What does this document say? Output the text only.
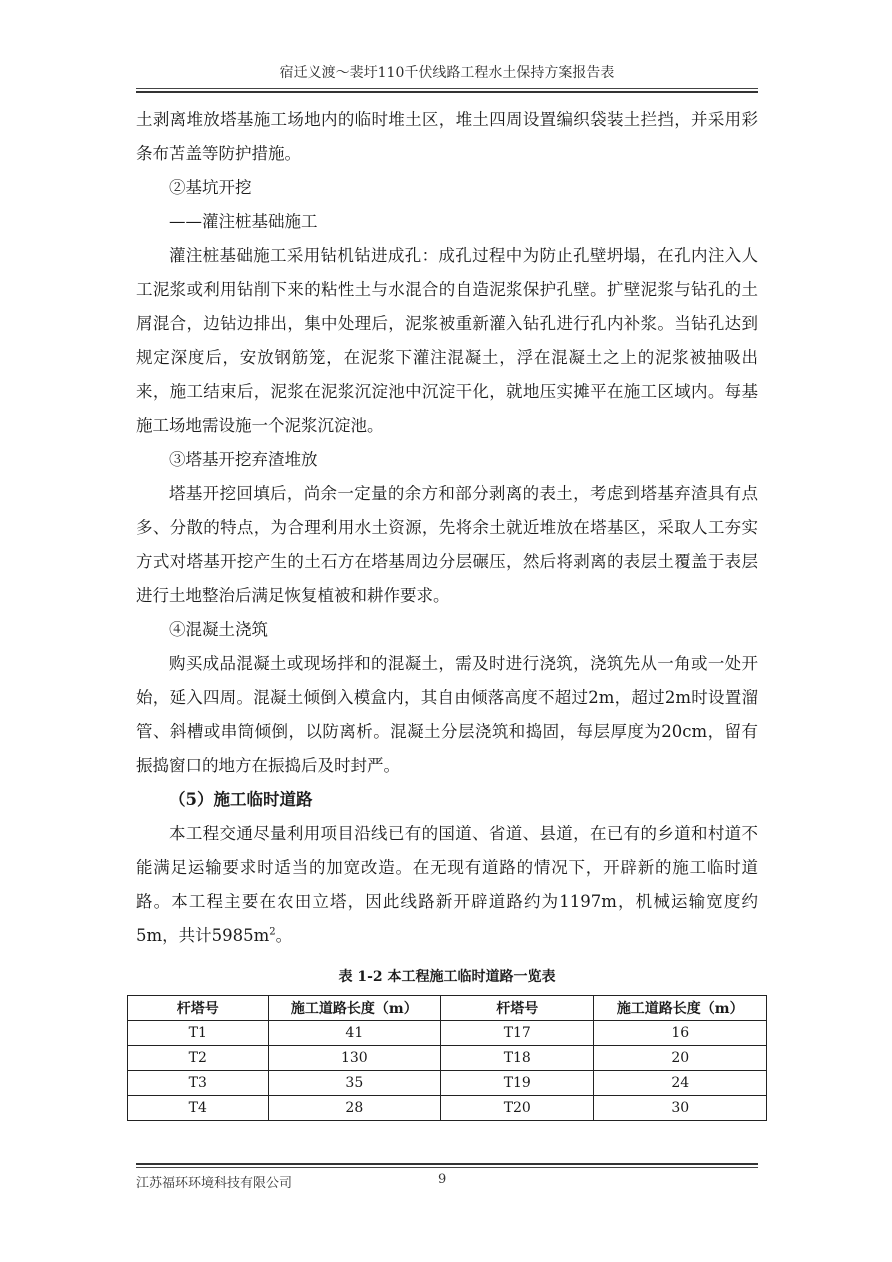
宿迁义渡～裴圩110千伏线路工程水土保持方案报告表

土剥离堆放塔基施工场地内的临时堆土区，堆土四周设置编织袋装土拦挡，并采用彩条布苫盖等防护措施。

②基坑开挖

——灌注桩基础施工

灌注桩基础施工采用钻机钻进成孔：成孔过程中为防止孔壁坍塌，在孔内注入人工泥浆或利用钻削下来的粘性土与水混合的自造泥浆保护孔壁。扩壁泥浆与钻孔的土屑混合，边钻边排出，集中处理后，泥浆被重新灌入钻孔进行孔内补浆。当钻孔达到规定深度后，安放钢筋笼，在泥浆下灌注混凝土，浮在混凝土之上的泥浆被抽吸出来，施工结束后，泥浆在泥浆沉淀池中沉淀干化，就地压实摊平在施工区域内。每基施工场地需设施一个泥浆沉淀池。

③塔基开挖弃渣堆放

塔基开挖回填后，尚余一定量的余方和部分剥离的表土，考虑到塔基弃渣具有点多、分散的特点，为合理利用水土资源，先将余土就近堆放在塔基区，采取人工夯实方式对塔基开挖产生的土石方在塔基周边分层碾压，然后将剥离的表层土覆盖于表层进行土地整治后满足恢复植被和耕作要求。

④混凝土浇筑

购买成品混凝土或现场拌和的混凝土，需及时进行浇筑，浇筑先从一角或一处开始，延入四周。混凝土倾倒入模盒内，其自由倾落高度不超过2m，超过2m时设置溜管、斜槽或串筒倾倒，以防离析。混凝土分层浇筑和捣固，每层厚度为20cm，留有振捣窗口的地方在振捣后及时封严。

（5）施工临时道路

本工程交通尽量利用项目沿线已有的国道、省道、县道，在已有的乡道和村道不能满足运输要求时适当的加宽改造。在无现有道路的情况下，开辟新的施工临时道路。本工程主要在农田立塔，因此线路新开辟道路约为1197m，机械运输宽度约5m，共计$5985m^2$。

表 1-2 本工程施工临时道路一览表
杆塔号	施工道路长度（m）	杆塔号	施工道路长度（m）
T1	41	T17	16
T2	130	T18	20
T3	35	T19	24
T4	28	T20	30
江苏福环环境科技有限公司	9
